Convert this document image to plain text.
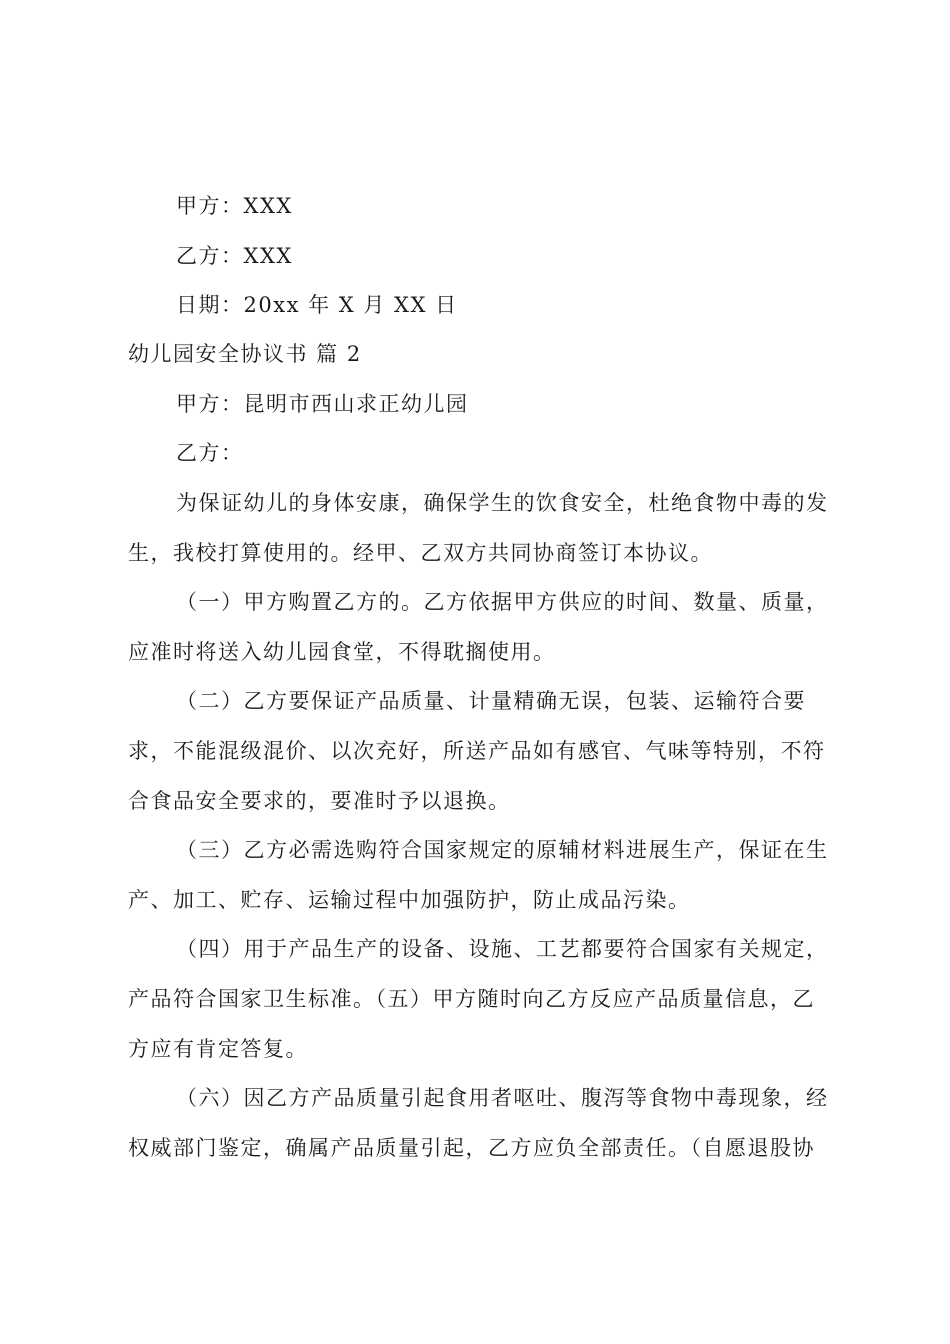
甲方：XXX
乙方：XXX
日期：20xx 年 X 月 XX 日
幼儿园安全协议书 篇 2
甲方：昆明市西山求正幼儿园
乙方：
为保证幼儿的身体安康，确保学生的饮食安全，杜绝食物中毒的发生，我校打算使用的。经甲、乙双方共同协商签订本协议。
（一）甲方购置乙方的。乙方依据甲方供应的时间、数量、质量，应准时将送入幼儿园食堂，不得耽搁使用。
（二）乙方要保证产品质量、计量精确无误，包装、运输符合要求，不能混级混价、以次充好，所送产品如有感官、气味等特别，不符合食品安全要求的，要准时予以退换。
（三）乙方必需选购符合国家规定的原辅材料进展生产，保证在生产、加工、贮存、运输过程中加强防护，防止成品污染。
（四）用于产品生产的设备、设施、工艺都要符合国家有关规定，产品符合国家卫生标准。（五）甲方随时向乙方反应产品质量信息，乙方应有肯定答复。
（六）因乙方产品质量引起食用者呕吐、腹泻等食物中毒现象，经权威部门鉴定，确属产品质量引起，乙方应负全部责任。（自愿退股协
